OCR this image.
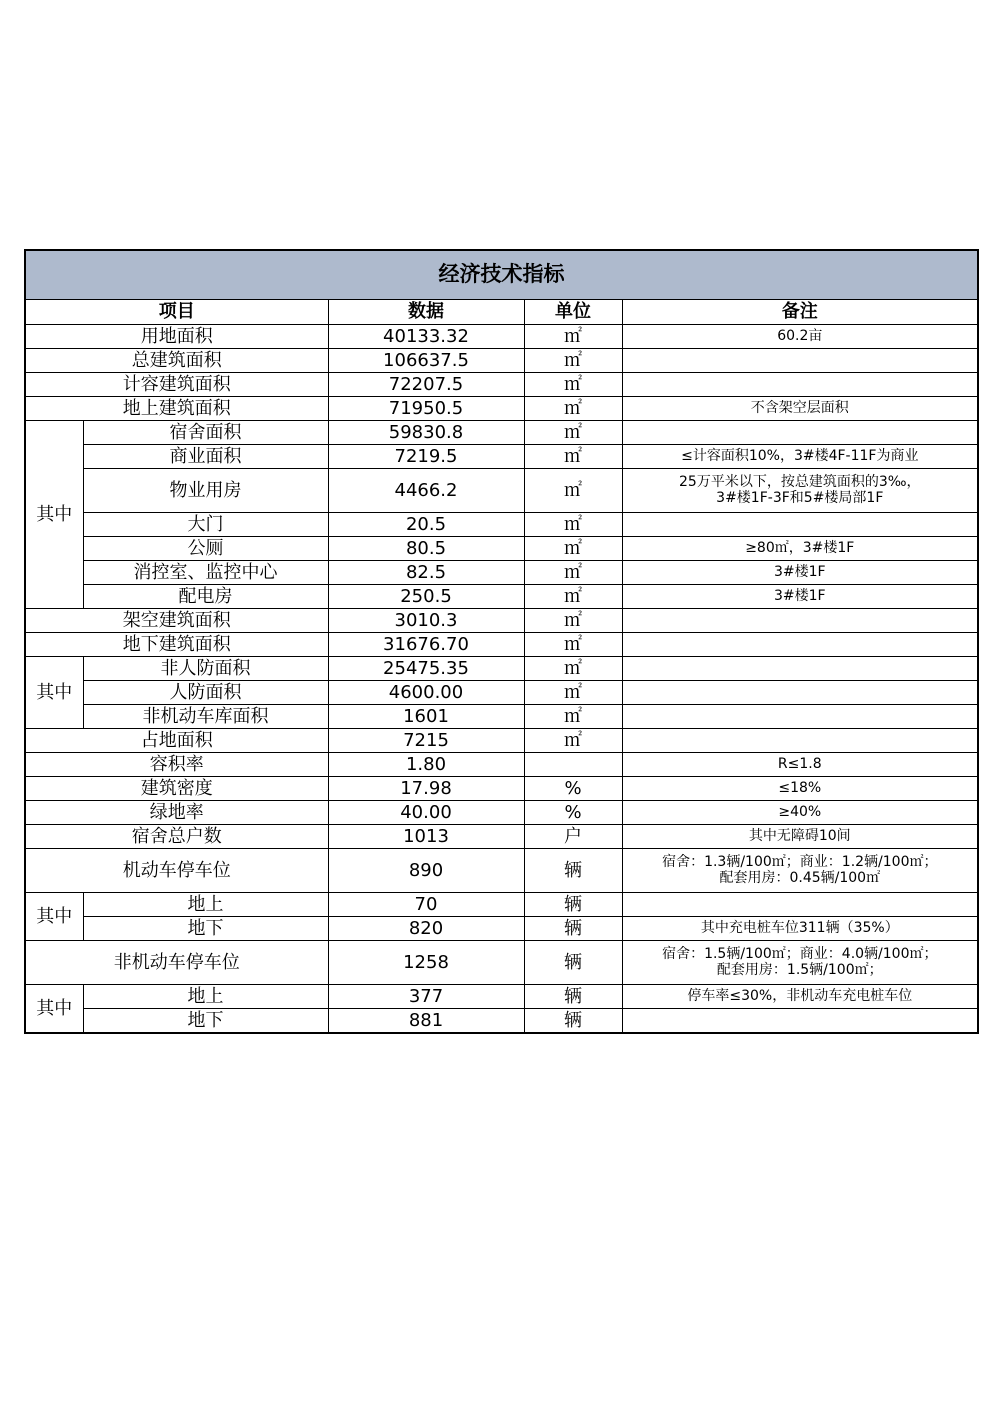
经济技术指标				
项目		数据	单位	备注
用地面积		40133.32	㎡	60.2亩
总建筑面积		106637.5	㎡	
计容建筑面积		72207.5	㎡	
地上建筑面积		71950.5	㎡	不含架空层面积
其中	宿舍面积	59830.8	㎡	
	商业面积	7219.5	㎡	≤计容面积10%，3#楼4F-11F为商业
	物业用房	4466.2	㎡	25万平米以下，按总建筑面积的3‰，
3#楼1F-3F和5#楼局部1F
	大门	20.5	㎡	
	公厕	80.5	㎡	≥80㎡，3#楼1F
	消控室、监控中心	82.5	㎡	3#楼1F
	配电房	250.5	㎡	3#楼1F
架空建筑面积		3010.3	㎡	
地下建筑面积		31676.70	㎡	
其中	非人防面积	25475.35	㎡	
	人防面积	4600.00	㎡	
	非机动车库面积	1601	㎡	
占地面积		7215	㎡	
容积率		1.80		R≤1.8
建筑密度		17.98	%	≤18%
绿地率		40.00	%	≥40%
宿舍总户数		1013	户	其中无障碍10间
机动车停车位		890	辆	宿舍：1.3辆/100㎡；商业：1.2辆/100㎡；
配套用房：0.45辆/100㎡
其中	地上	70	辆	
	地下	820	辆	其中充电桩车位311辆（35%）
非机动车停车位		1258	辆	宿舍：1.5辆/100㎡；商业：4.0辆/100㎡；
配套用房：1.5辆/100㎡；
其中	地上	377	辆	停车率≤30%，非机动车充电桩车位
	地下	881	辆	
